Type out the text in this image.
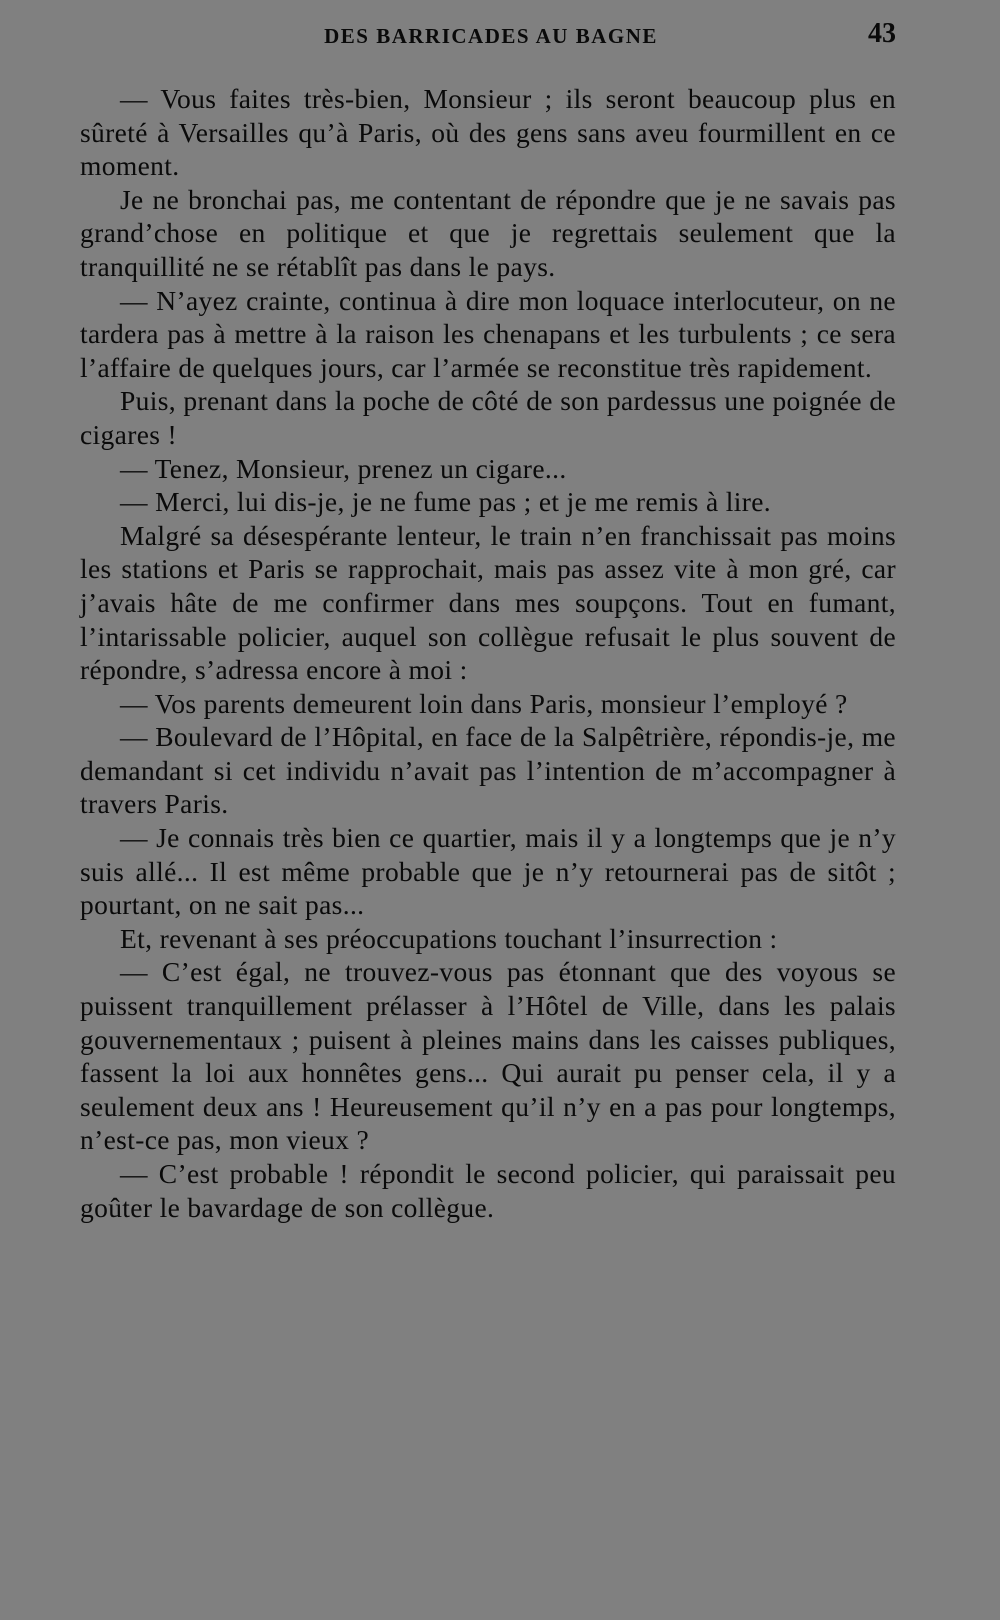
DES BARRICADES AU BAGNE	43

— Vous faites très-bien, Monsieur ; ils seront beaucoup plus en sûreté à Versailles qu’à Paris, où des gens sans aveu fourmillent en ce moment.

Je ne bronchai pas, me contentant de répondre que je ne savais pas grand’chose en politique et que je regrettais seulement que la tranquillité ne se rétablît pas dans le pays.

— N’ayez crainte, continua à dire mon loquace interlocuteur, on ne tardera pas à mettre à la raison les chenapans et les turbulents ; ce sera l’affaire de quelques jours, car l’armée se reconstitue très rapidement.

Puis, prenant dans la poche de côté de son pardessus une poignée de cigares !

— Tenez, Monsieur, prenez un cigare...

— Merci, lui dis-je, je ne fume pas ; et je me remis à lire.

Malgré sa désespérante lenteur, le train n’en franchissait pas moins les stations et Paris se rapprochait, mais pas assez vite à mon gré, car j’avais hâte de me confirmer dans mes soupçons. Tout en fumant, l’intarissable policier, auquel son collègue refusait le plus souvent de répondre, s’adressa encore à moi :

— Vos parents demeurent loin dans Paris, monsieur l’employé ?

— Boulevard de l’Hôpital, en face de la Salpêtrière, répondis-je, me demandant si cet individu n’avait pas l’intention de m’accompagner à travers Paris.

— Je connais très bien ce quartier, mais il y a longtemps que je n’y suis allé... Il est même probable que je n’y retournerai pas de sitôt ; pourtant, on ne sait pas...

Et, revenant à ses préoccupations touchant l’insurrection :

— C’est égal, ne trouvez-vous pas étonnant que des voyous se puissent tranquillement prélasser à l’Hôtel de Ville, dans les palais gouvernementaux ; puisent à pleines mains dans les caisses publiques, fassent la loi aux honnêtes gens... Qui aurait pu penser cela, il y a seulement deux ans ! Heureusement qu’il n’y en a pas pour longtemps, n’est-ce pas, mon vieux ?

— C’est probable ! répondit le second policier, qui paraissait peu goûter le bavardage de son collègue.
